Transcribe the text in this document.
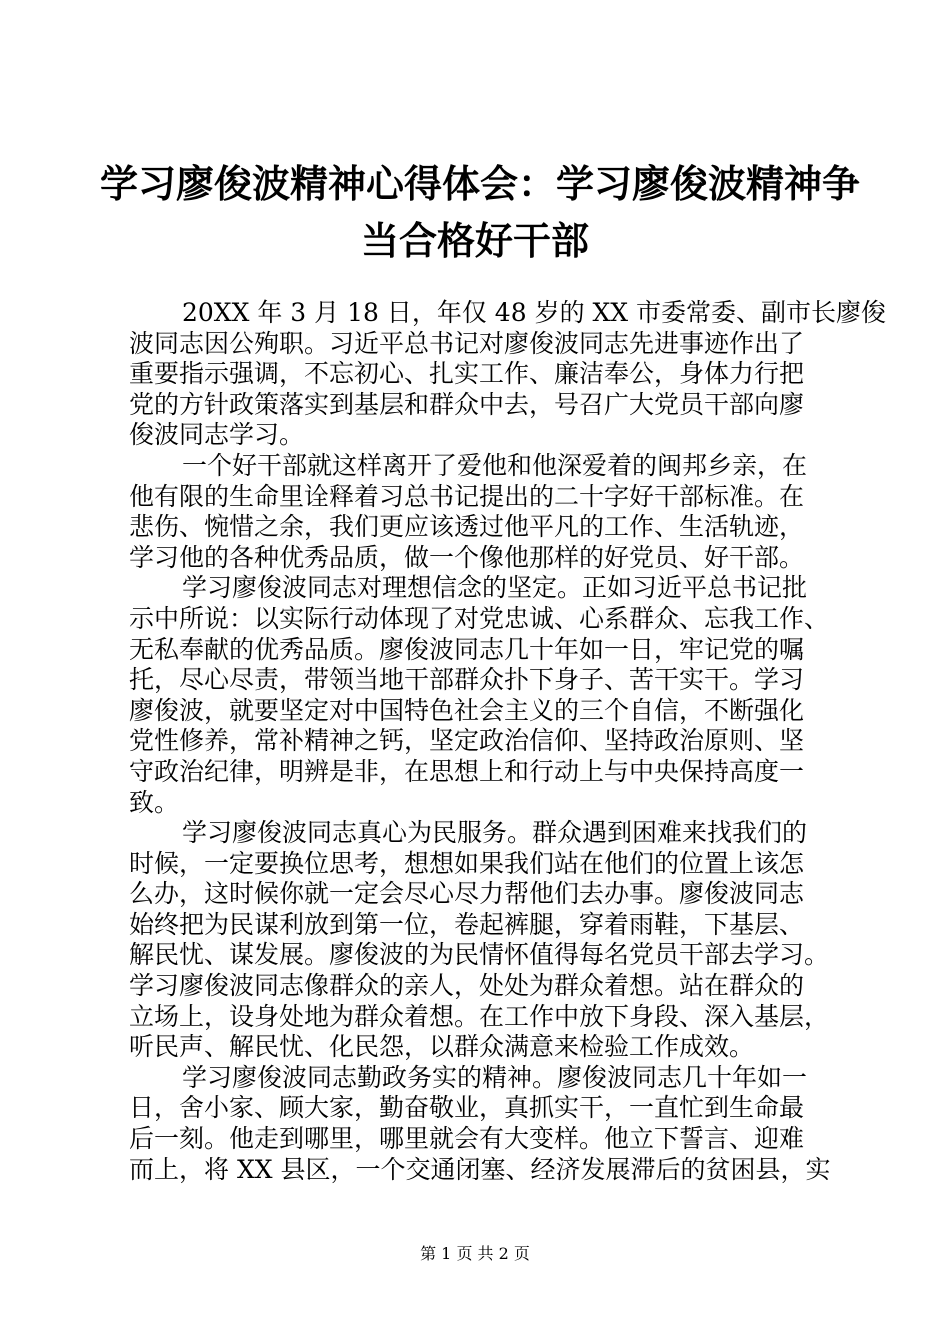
学习廖俊波精神心得体会：学习廖俊波精神争
当合格好干部
20XX 年 3 月 18 日，年仅 48 岁的 XX 市委常委、副市长廖俊
波同志因公殉职。习近平总书记对廖俊波同志先进事迹作出了
重要指示强调，不忘初心、扎实工作、廉洁奉公，身体力行把
党的方针政策落实到基层和群众中去，号召广大党员干部向廖
俊波同志学习。
一个好干部就这样离开了爱他和他深爱着的闽邦乡亲，在
他有限的生命里诠释着习总书记提出的二十字好干部标准。在
悲伤、惋惜之余，我们更应该透过他平凡的工作、生活轨迹，
学习他的各种优秀品质，做一个像他那样的好党员、好干部。
学习廖俊波同志对理想信念的坚定。正如习近平总书记批
示中所说：以实际行动体现了对党忠诚、心系群众、忘我工作、
无私奉献的优秀品质。廖俊波同志几十年如一日，牢记党的嘱
托，尽心尽责，带领当地干部群众扑下身子、苦干实干。学习
廖俊波，就要坚定对中国特色社会主义的三个自信，不断强化
党性修养，常补精神之钙，坚定政治信仰、坚持政治原则、坚
守政治纪律，明辨是非，在思想上和行动上与中央保持高度一
致。
学习廖俊波同志真心为民服务。群众遇到困难来找我们的
时候，一定要换位思考，想想如果我们站在他们的位置上该怎
么办，这时候你就一定会尽心尽力帮他们去办事。廖俊波同志
始终把为民谋利放到第一位，卷起裤腿，穿着雨鞋，下基层、
解民忧、谋发展。廖俊波的为民情怀值得每名党员干部去学习。
学习廖俊波同志像群众的亲人，处处为群众着想。站在群众的
立场上，设身处地为群众着想。在工作中放下身段、深入基层，
听民声、解民忧、化民怨，以群众满意来检验工作成效。
学习廖俊波同志勤政务实的精神。廖俊波同志几十年如一
日，舍小家、顾大家，勤奋敬业，真抓实干，一直忙到生命最
后一刻。他走到哪里，哪里就会有大变样。他立下誓言、迎难
而上，将 XX 县区，一个交通闭塞、经济发展滞后的贫困县，实
第 1 页 共 2 页
